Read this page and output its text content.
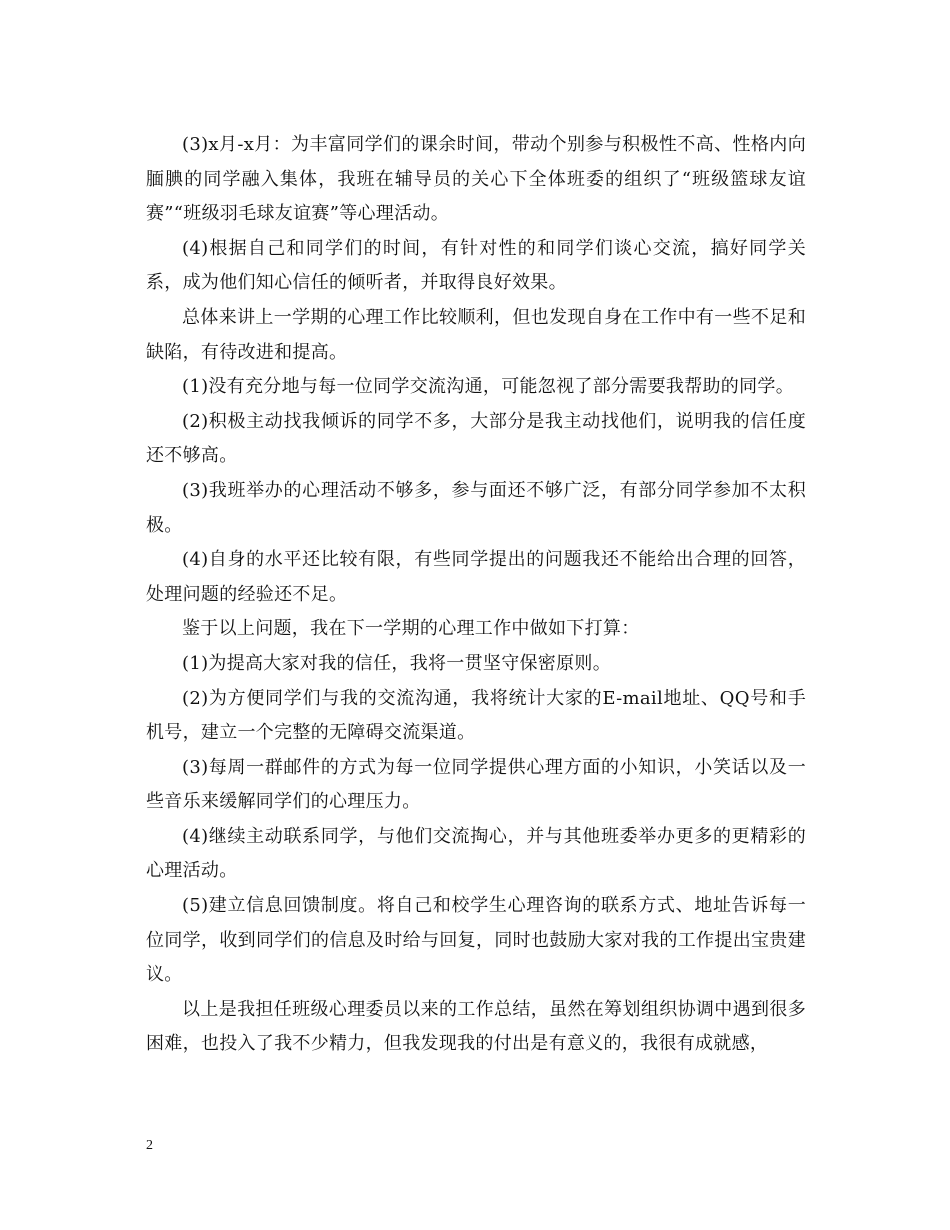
(3)x月-x月：为丰富同学们的课余时间，带动个别参与积极性不高、性格内向腼腆的同学融入集体，我班在辅导员的关心下全体班委的组织了“班级篮球友谊赛”“班级羽毛球友谊赛”等心理活动。

(4)根据自己和同学们的时间，有针对性的和同学们谈心交流，搞好同学关系，成为他们知心信任的倾听者，并取得良好效果。

总体来讲上一学期的心理工作比较顺利，但也发现自身在工作中有一些不足和缺陷，有待改进和提高。

(1)没有充分地与每一位同学交流沟通，可能忽视了部分需要我帮助的同学。

(2)积极主动找我倾诉的同学不多，大部分是我主动找他们，说明我的信任度还不够高。

(3)我班举办的心理活动不够多，参与面还不够广泛，有部分同学参加不太积极。

(4)自身的水平还比较有限，有些同学提出的问题我还不能给出合理的回答，处理问题的经验还不足。

鉴于以上问题，我在下一学期的心理工作中做如下打算：

(1)为提高大家对我的信任，我将一贯坚守保密原则。

(2)为方便同学们与我的交流沟通，我将统计大家的E-mail地址、QQ号和手机号，建立一个完整的无障碍交流渠道。

(3)每周一群邮件的方式为每一位同学提供心理方面的小知识，小笑话以及一些音乐来缓解同学们的心理压力。

(4)继续主动联系同学，与他们交流掏心，并与其他班委举办更多的更精彩的心理活动。

(5)建立信息回馈制度。将自己和校学生心理咨询的联系方式、地址告诉每一位同学，收到同学们的信息及时给与回复，同时也鼓励大家对我的工作提出宝贵建议。

以上是我担任班级心理委员以来的工作总结，虽然在筹划组织协调中遇到很多困难，也投入了我不少精力，但我发现我的付出是有意义的，我很有成就感，

2
